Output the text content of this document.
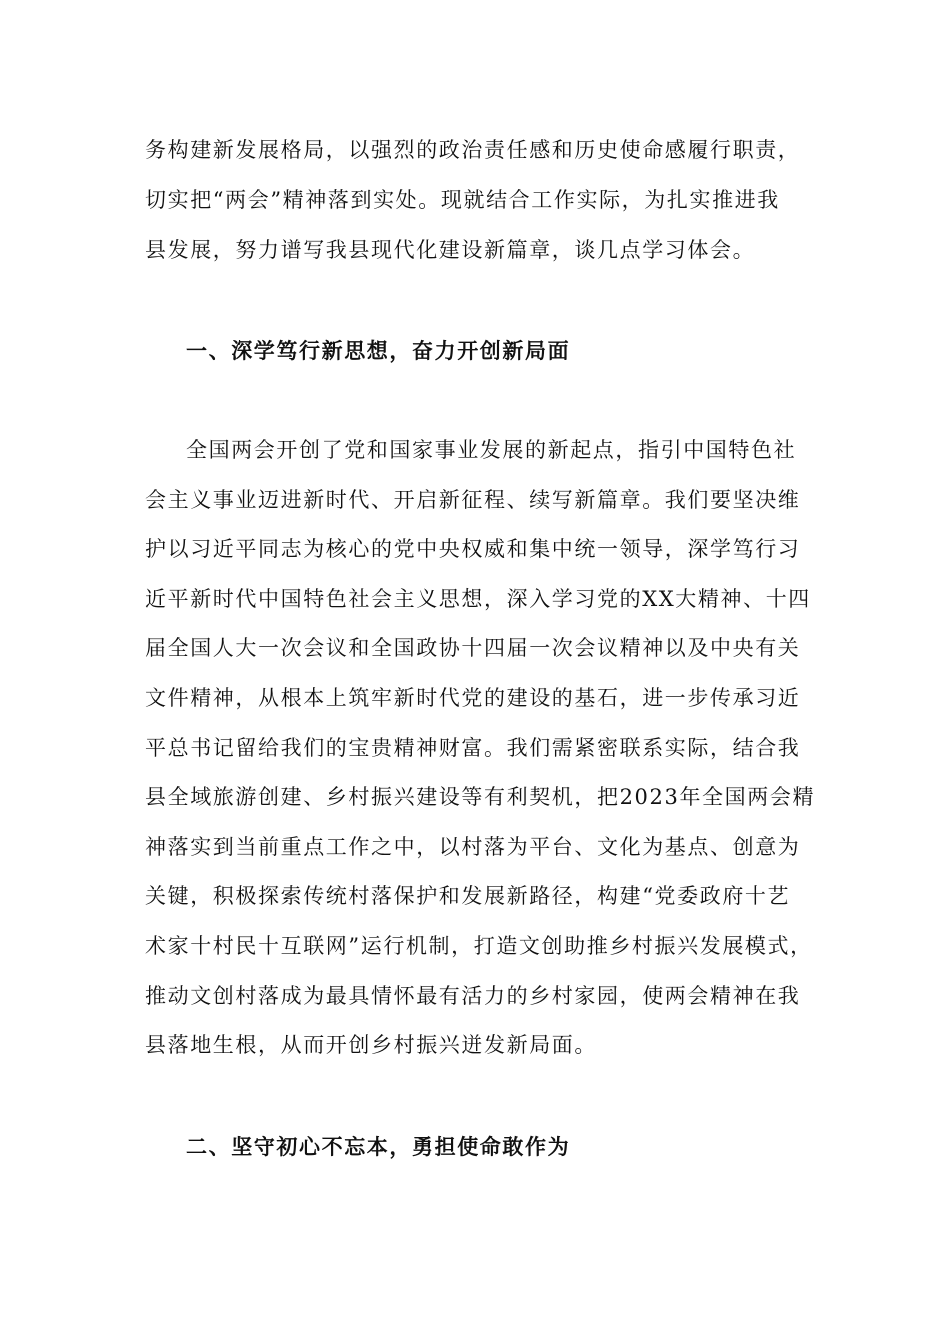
务构建新发展格局，以强烈的政治责任感和历史使命感履行职责，
切实把“两会”精神落到实处。现就结合工作实际，为扎实推进我
县发展，努力谱写我县现代化建设新篇章，谈几点学习体会。
一、深学笃行新思想，奋力开创新局面
全国两会开创了党和国家事业发展的新起点，指引中国特色社
会主义事业迈进新时代、开启新征程、续写新篇章。我们要坚决维
护以习近平同志为核心的党中央权威和集中统一领导，深学笃行习
近平新时代中国特色社会主义思想，深入学习党的XX大精神、十四
届全国人大一次会议和全国政协十四届一次会议精神以及中央有关
文件精神，从根本上筑牢新时代党的建设的基石，进一步传承习近
平总书记留给我们的宝贵精神财富。我们需紧密联系实际，结合我
县全域旅游创建、乡村振兴建设等有利契机，把2023年全国两会精
神落实到当前重点工作之中，以村落为平台、文化为基点、创意为
关键，积极探索传统村落保护和发展新路径，构建“党委政府十艺
术家十村民十互联网”运行机制，打造文创助推乡村振兴发展模式，
推动文创村落成为最具情怀最有活力的乡村家园，使两会精神在我
县落地生根，从而开创乡村振兴迸发新局面。
二、坚守初心不忘本，勇担使命敢作为
